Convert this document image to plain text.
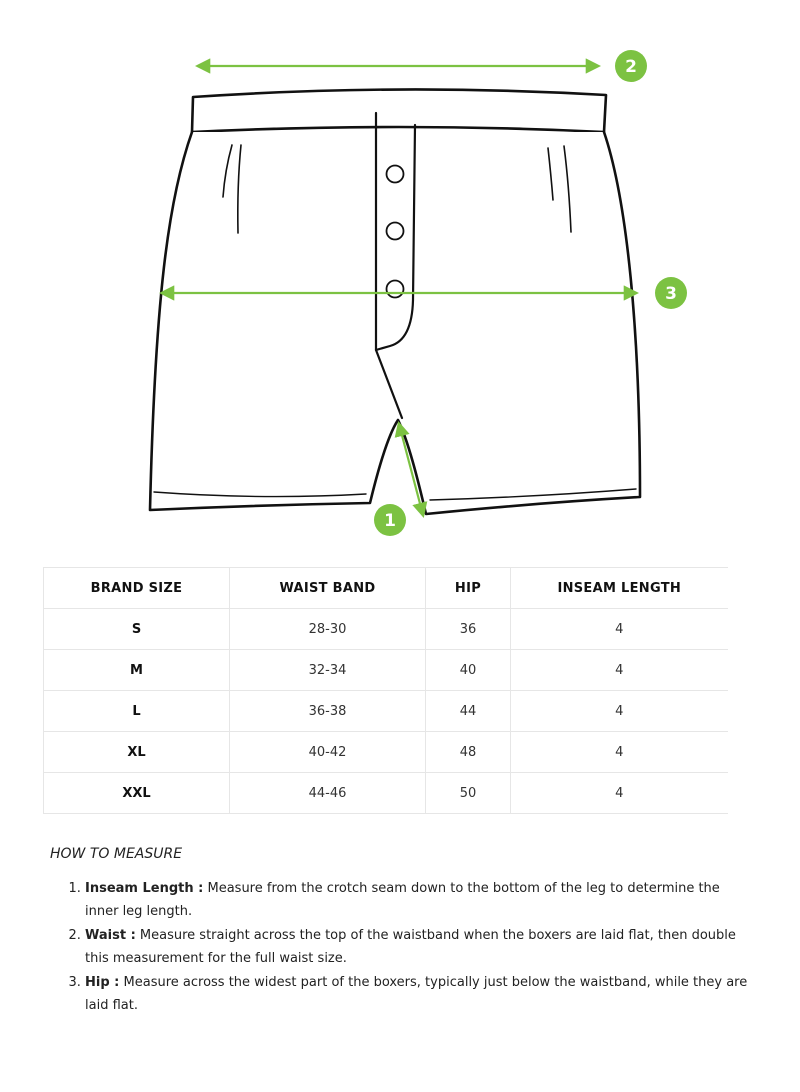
2
3
1
BRAND SIZE	WAIST BAND	HIP	INSEAM LENGTH
S	28-30	36	4
M	32-34	40	4
L	36-38	44	4
XL	40-42	48	4
XXL	44-46	50	4

HOW TO MEASURE

1. Inseam Length : Measure from the crotch seam down to the bottom of the leg to determine the inner leg length.
2. Waist : Measure straight across the top of the waistband when the boxers are laid flat, then double this measurement for the full waist size.
3. Hip : Measure across the widest part of the boxers, typically just below the waistband, while they are laid flat.
